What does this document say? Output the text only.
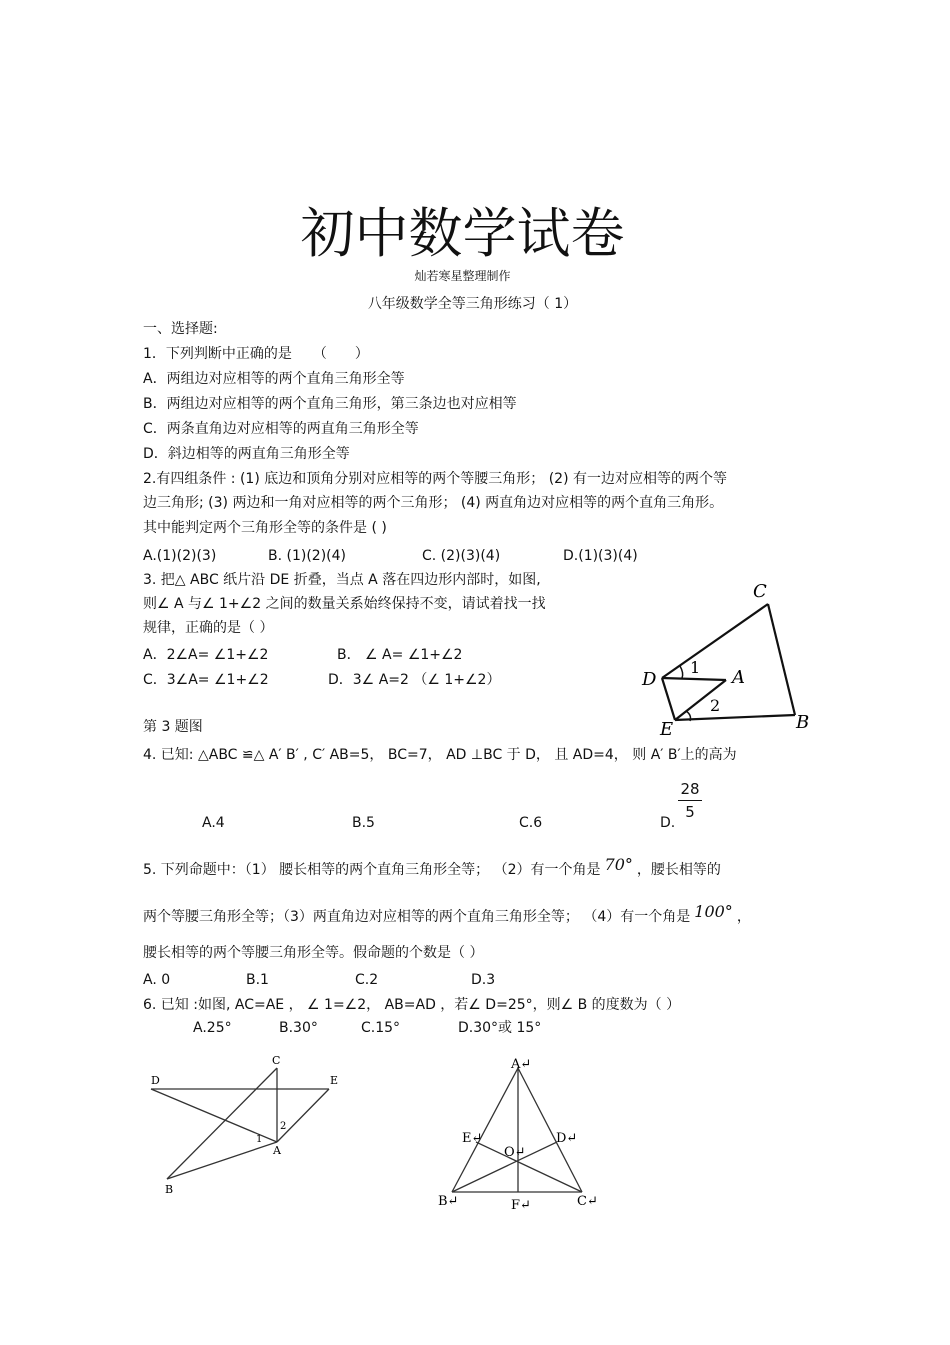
初中数学试卷
灿若寒星整理制作
八年级数学全等三角形练习（ 1）
一、选择题:
1．下列判断中正确的是　　（　　）
A．两组边对应相等的两个直角三角形全等
B．两组边对应相等的两个直角三角形，第三条边也对应相等
C．两条直角边对应相等的两直角三角形全等
D．斜边相等的两直角三角形全等
2.有四组条件 : (1) 底边和顶角分别对应相等的两个等腰三角形； (2) 有一边对应相等的两个等
边三角形; (3) 两边和一角对应相等的两个三角形； (4) 两直角边对应相等的两个直角三角形。
其中能判定两个三角形全等的条件是 ( )
A.(1)(2)(3)	B. (1)(2)(4)	C. (2)(3)(4)	D.(1)(3)(4)
3. 把△ ABC 纸片沿 DE 折叠，当点 A 落在四边形内部时，如图,
则∠ A 与∠ 1+∠2 之间的数量关系始终保持不变，请试着找一找
规律，正确的是（ ）
A．2∠A= ∠1+∠2	B． ∠ A= ∠1+∠2
C．3∠A= ∠1+∠2	D．3∠ A=2 （∠ 1+∠2）
第 3 题图
C
D	A
E	B
1
2
4. 已知: △ABC ≌△ A′ B′ , C′ AB=5， BC=7， AD ⊥BC 于 D， 且 AD=4， 则 A′ B′上的高为
A.4	B.5	C.6	D.
28
5
5. 下列命题中：（1） 腰长相等的两个直角三角形全等； （2）有一个角是 70° ，腰长相等的
两个等腰三角形全等；（3）两直角边对应相等的两个直角三角形全等； （4）有一个角是 100° ，
腰长相等的两个等腰三角形全等。假命题的个数是（ ）
A. 0	B.1	C.2	D.3
6. 已知 :如图, AC=AE ， ∠ 1=∠2， AB=AD ，若∠ D=25°，则∠ B 的度数为（ ）
A.25°	B.30°	C.15°	D.30°或 15°
C
D	E
1
2
A
B
A↵
E↵	D↵
O↵
B↵	F↵	C↵
